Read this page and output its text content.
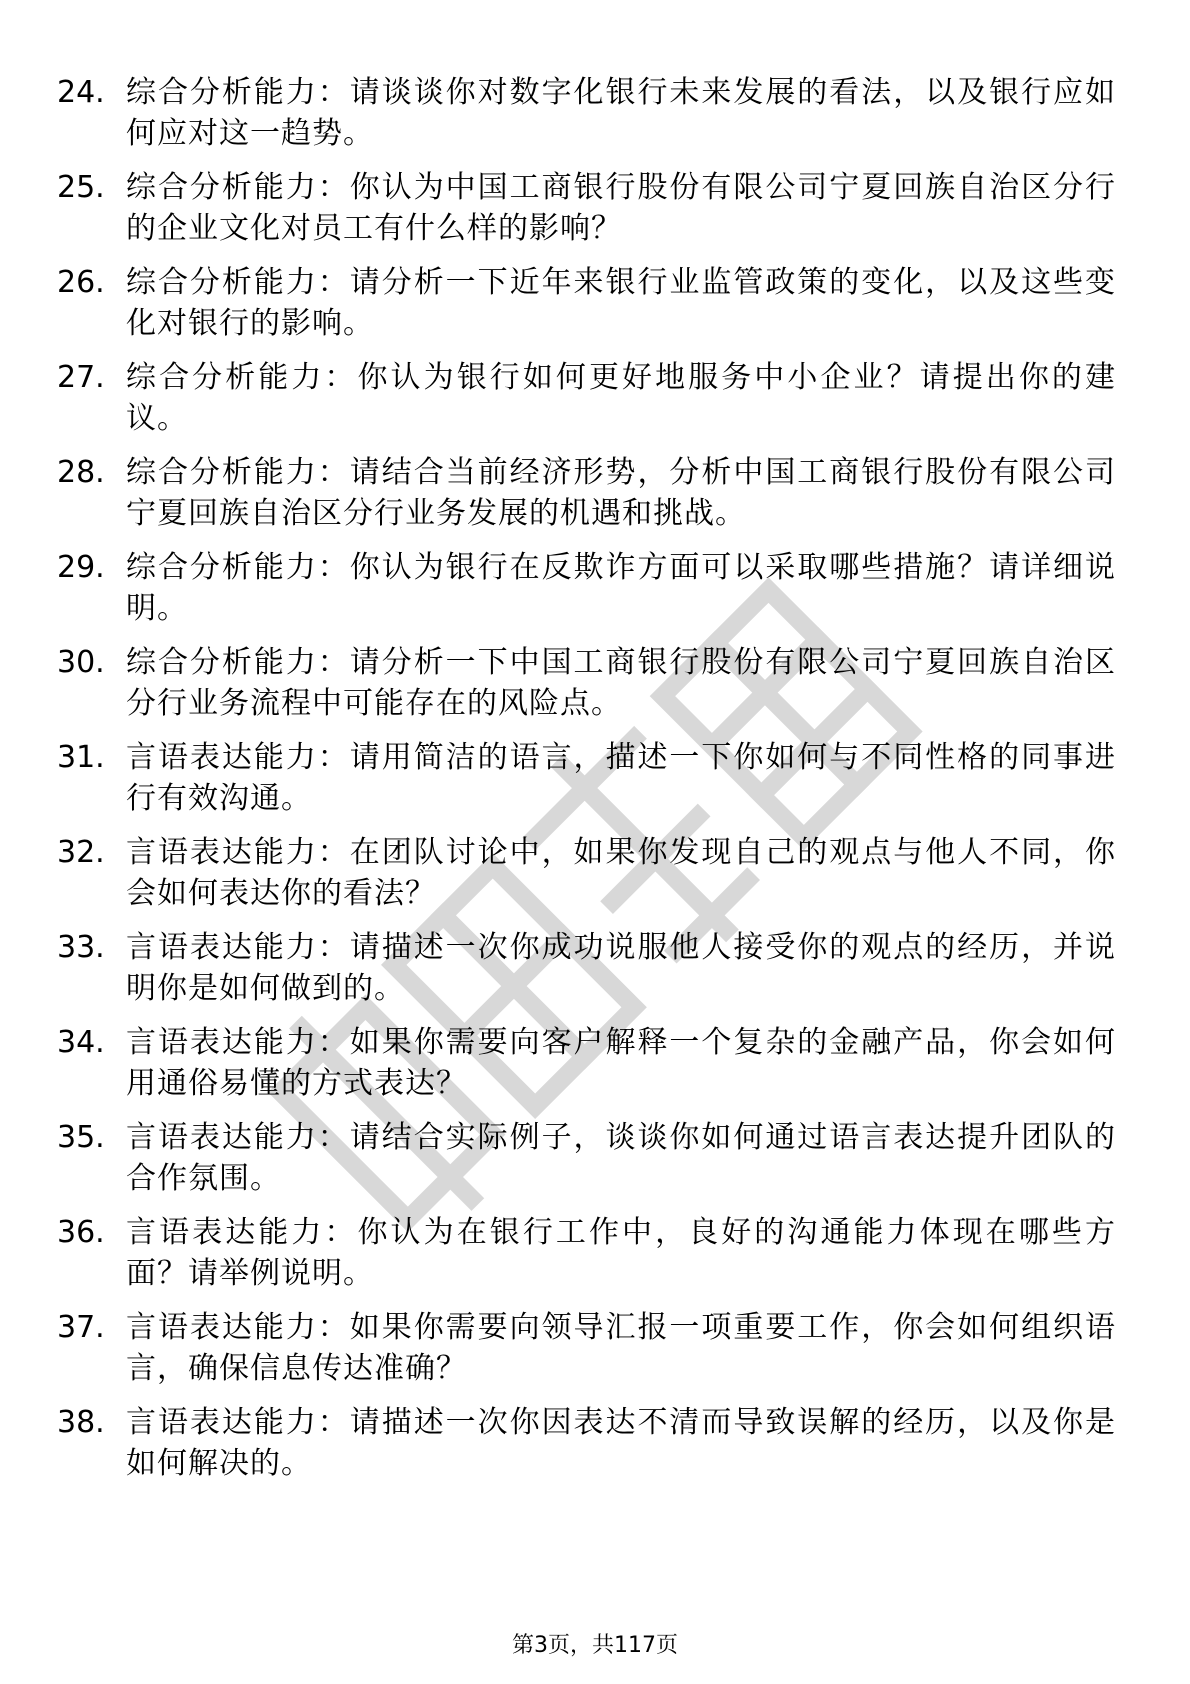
24. 综合分析能力：请谈谈你对数字化银行未来发展的看法，以及银行应如何应对这一趋势。
25. 综合分析能力：你认为中国工商银行股份有限公司宁夏回族自治区分行的企业文化对员工有什么样的影响？
26. 综合分析能力：请分析一下近年来银行业监管政策的变化，以及这些变化对银行的影响。
27. 综合分析能力：你认为银行如何更好地服务中小企业？请提出你的建议。
28. 综合分析能力：请结合当前经济形势，分析中国工商银行股份有限公司宁夏回族自治区分行业务发展的机遇和挑战。
29. 综合分析能力：你认为银行在反欺诈方面可以采取哪些措施？请详细说明。
30. 综合分析能力：请分析一下中国工商银行股份有限公司宁夏回族自治区分行业务流程中可能存在的风险点。
31. 言语表达能力：请用简洁的语言，描述一下你如何与不同性格的同事进行有效沟通。
32. 言语表达能力：在团队讨论中，如果你发现自己的观点与他人不同，你会如何表达你的看法？
33. 言语表达能力：请描述一次你成功说服他人接受你的观点的经历，并说明你是如何做到的。
34. 言语表达能力：如果你需要向客户解释一个复杂的金融产品，你会如何用通俗易懂的方式表达？
35. 言语表达能力：请结合实际例子，谈谈你如何通过语言表达提升团队的合作氛围。
36. 言语表达能力：你认为在银行工作中，良好的沟通能力体现在哪些方面？请举例说明。
37. 言语表达能力：如果你需要向领导汇报一项重要工作，你会如何组织语言，确保信息传达准确？
38. 言语表达能力：请描述一次你因表达不清而导致误解的经历，以及你是如何解决的。
第3页，共117页
